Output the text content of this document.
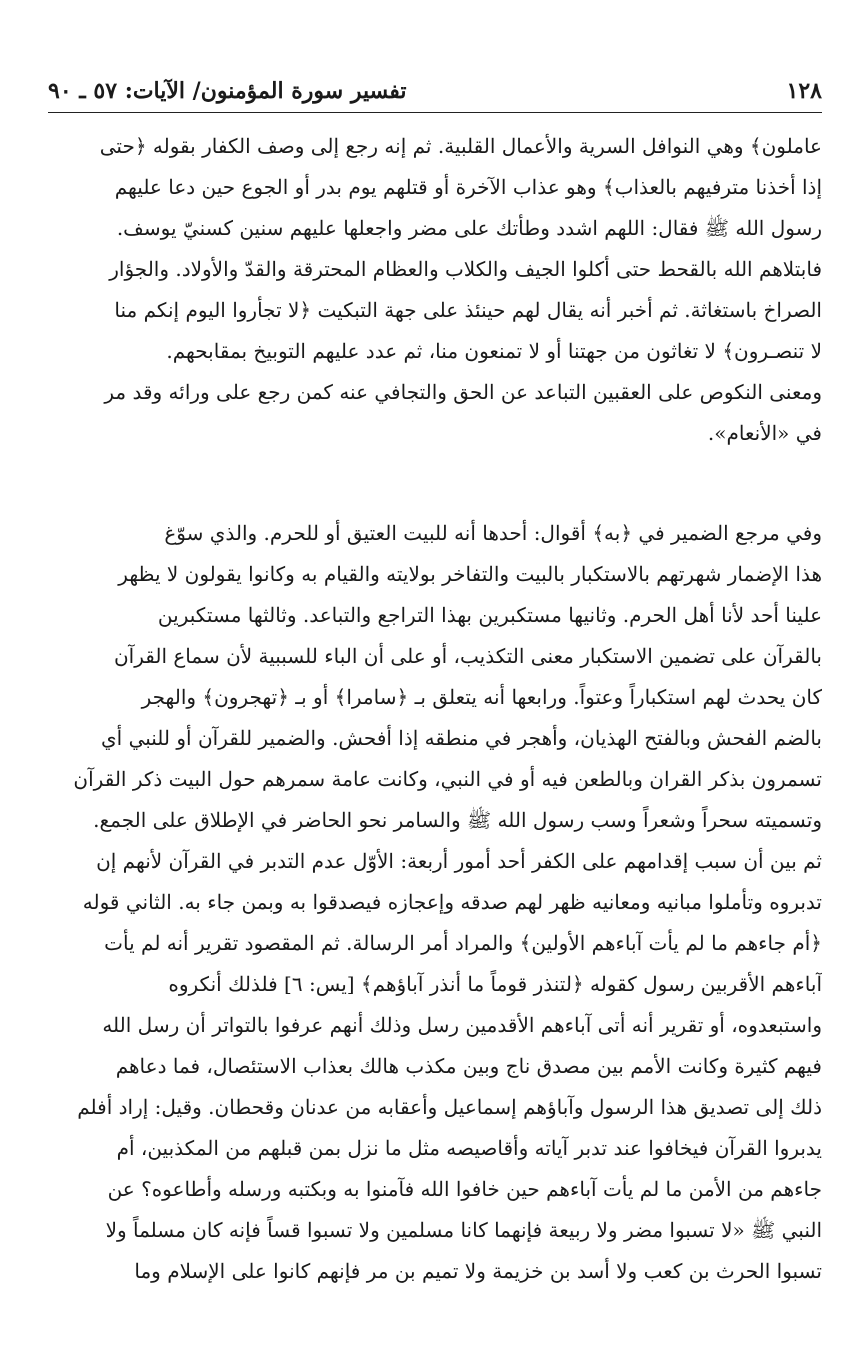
١٢٨
تفسير سورة المؤمنون/ الآيات: ٥٧ ـ ٩٠
عاملون﴾ وهي النوافل السرية والأعمال القلبية. ثم إنه رجع إلى وصف الكفار بقوله ﴿حتى
إذا أخذنا مترفيهم بالعذاب﴾ وهو عذاب الآخرة أو قتلهم يوم بدر أو الجوع حين دعا عليهم
رسول الله ﷺ فقال: اللهم اشدد وطأتك على مضر واجعلها عليهم سنين كسنيّ يوسف.
فابتلاهم الله بالقحط حتى أكلوا الجيف والكلاب والعظام المحترقة والقدّ والأولاد. والجؤار
الصراخ باستغاثة. ثم أخبر أنه يقال لهم حينئذ على جهة التبكيت ﴿لا تجأروا اليوم إنكم منا
لا تنصـرون﴾ لا تغاثون من جهتنا أو لا تمنعون منا، ثم عدد عليهم التوبيخ بمقابحهم.
ومعنى النكوص على العقبين التباعد عن الحق والتجافي عنه كمن رجع على ورائه وقد مر
في «الأنعام».
وفي مرجع الضمير في ﴿به﴾ أقوال: أحدها أنه للبيت العتيق أو للحرم. والذي سوّغ
هذا الإضمار شهرتهم بالاستكبار بالبيت والتفاخر بولايته والقيام به وكانوا يقولون لا يظهر
علينا أحد لأنا أهل الحرم. وثانيها مستكبرين بهذا التراجع والتباعد. وثالثها مستكبرين
بالقرآن على تضمين الاستكبار معنى التكذيب، أو على أن الباء للسببية لأن سماع القرآن
كان يحدث لهم استكباراً وعتواً. ورابعها أنه يتعلق بـ ﴿سامرا﴾ أو بـ ﴿تهجرون﴾ والهجر
بالضم الفحش وبالفتح الهذيان، وأهجر في منطقه إذا أفحش. والضمير للقرآن أو للنبي أي
تسمرون بذكر القران وبالطعن فيه أو في النبي، وكانت عامة سمرهم حول البيت ذكر القرآن
وتسميته سحراً وشعراً وسب رسول الله ﷺ والسامر نحو الحاضر في الإطلاق على الجمع.
ثم بين أن سبب إقدامهم على الكفر أحد أمور أربعة: الأوّل عدم التدبر في القرآن لأنهم إن
تدبروه وتأملوا مبانيه ومعانيه ظهر لهم صدقه وإعجازه فيصدقوا به وبمن جاء به. الثاني قوله
﴿أم جاءهم ما لم يأت آباءهم الأولين﴾ والمراد أمر الرسالة. ثم المقصود تقرير أنه لم يأت
آباءهم الأقربين رسول كقوله ﴿لتنذر قوماً ما أنذر آباؤهم﴾ [يس: ٦] فلذلك أنكروه
واستبعدوه، أو تقرير أنه أتى آباءهم الأقدمين رسل وذلك أنهم عرفوا بالتواتر أن رسل الله
فيهم كثيرة وكانت الأمم بين مصدق ناج وبين مكذب هالك بعذاب الاستئصال، فما دعاهم
ذلك إلى تصديق هذا الرسول وآباؤهم إسماعيل وأعقابه من عدنان وقحطان. وقيل: إراد أفلم
يدبروا القرآن فيخافوا عند تدبر آياته وأقاصيصه مثل ما نزل بمن قبلهم من المكذبين، أم
جاءهم من الأمن ما لم يأت آباءهم حين خافوا الله فآمنوا به وبكتبه ورسله وأطاعوه؟ عن
النبي ﷺ «لا تسبوا مضر ولا ربيعة فإنهما كانا مسلمين ولا تسبوا قساً فإنه كان مسلماً ولا
تسبوا الحرث بن كعب ولا أسد بن خزيمة ولا تميم بن مر فإنهم كانوا على الإسلام وما
